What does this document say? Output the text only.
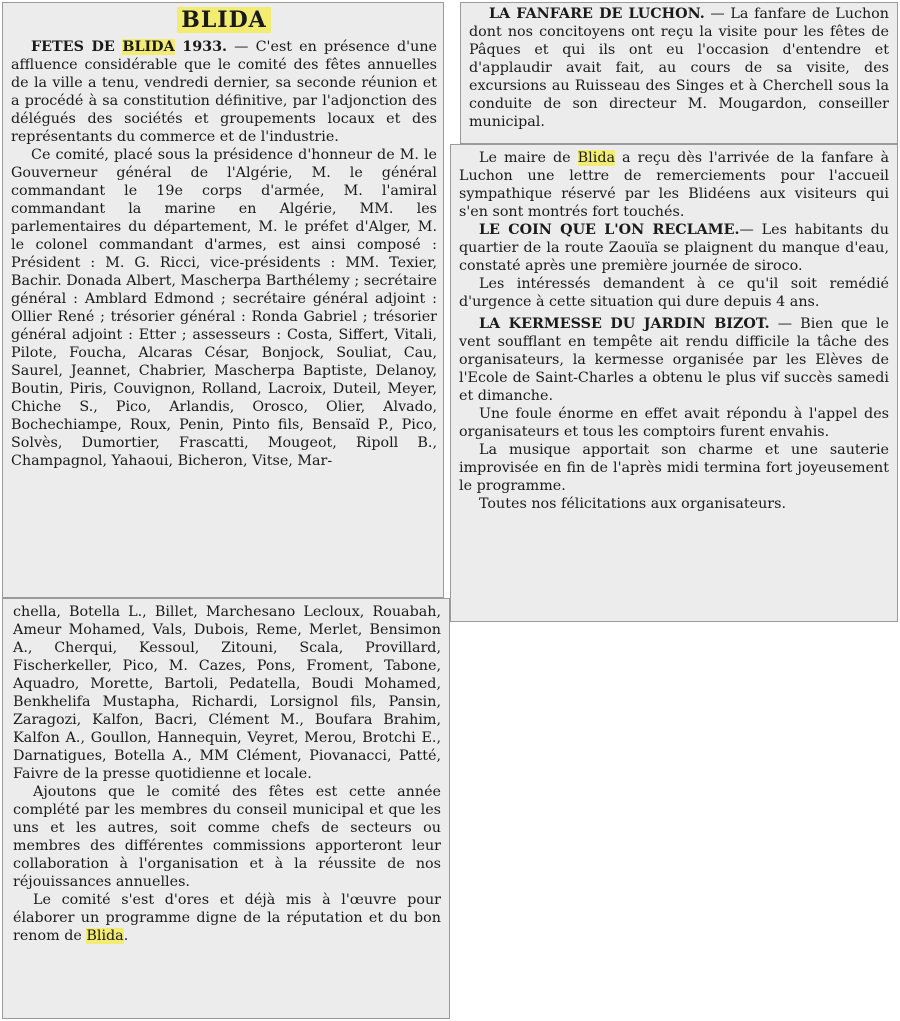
BLIDA

FETES DE BLIDA 1933. — C'est en présence d'une affluence considérable que le comité des fêtes annuelles de la ville a tenu, vendredi dernier, sa seconde réunion et a procédé à sa constitution définitive, par l'adjonction des délégués des sociétés et groupements locaux et des représentants du commerce et de l'industrie.

Ce comité, placé sous la présidence d'honneur de M. le Gouverneur général de l'Algérie, M. le général commandant le 19e corps d'armée, M. l'amiral commandant la marine en Algérie, MM. les parlementaires du département, M. le préfet d'Alger, M. le colonel commandant d'armes, est ainsi composé : Président : M. G. Ricci, vice-présidents : MM. Texier, Bachir. Donada Albert, Mascherpa Barthélemy ; secrétaire général : Amblard Edmond ; secrétaire général adjoint : Ollier René ; trésorier général : Ronda Gabriel ; trésorier général adjoint : Etter ; assesseurs : Costa, Siffert, Vitali, Pilote, Foucha, Alcaras César, Bonjock, Souliat, Cau, Saurel, Jeannet, Chabrier, Mascherpa Baptiste, Delanoy, Boutin, Piris, Couvignon, Rolland, Lacroix, Duteil, Meyer, Chiche S., Pico, Arlandis, Orosco, Olier, Alvado, Bochechiampe, Roux, Penin, Pinto fils, Bensaïd P., Pico, Solvès, Dumortier, Frascatti, Mougeot, Ripoll B., Champagnol, Yahaoui, Bicheron, Vitse, Mar-

chella, Botella L., Billet, Marchesano Lecloux, Rouabah, Ameur Mohamed, Vals, Dubois, Reme, Merlet, Bensimon A., Cherqui, Kessoul, Zitouni, Scala, Provillard, Fischerkeller, Pico, M. Cazes, Pons, Froment, Tabone, Aquadro, Morette, Bartoli, Pedatella, Boudi Mohamed, Benkhelifa Mustapha, Richardi, Lorsignol fils, Pansin, Zaragozi, Kalfon, Bacri, Clément M., Boufara Brahim, Kalfon A., Goullon, Hannequin, Veyret, Merou, Brotchi E., Darnatigues, Botella A., MM Clément, Piovanacci, Patté, Faivre de la presse quotidienne et locale.

Ajoutons que le comité des fêtes est cette année complété par les membres du conseil municipal et que les uns et les autres, soit comme chefs de secteurs ou membres des différentes commissions apporteront leur collaboration à l'organisation et à la réussite de nos réjouissances annuelles.

Le comité s'est d'ores et déjà mis à l'œuvre pour élaborer un programme digne de la réputation et du bon renom de Blida.

LA FANFARE DE LUCHON. — La fanfare de Luchon dont nos concitoyens ont reçu la visite pour les fêtes de Pâques et qui ils ont eu l'occasion d'entendre et d'applaudir avait fait, au cours de sa visite, des excursions au Ruisseau des Singes et à Cherchell sous la conduite de son directeur M. Mougardon, conseiller municipal.

Le maire de Blida a reçu dès l'arrivée de la fanfare à Luchon une lettre de remerciements pour l'accueil sympathique réservé par les Blidéens aux visiteurs qui s'en sont montrés fort touchés.

LE COIN QUE L'ON RECLAME.— Les habitants du quartier de la route Zaouïa se plaignent du manque d'eau, constaté après une première journée de siroco.

Les intéressés demandent à ce qu'il soit remédié d'urgence à cette situation qui dure depuis 4 ans.

LA KERMESSE DU JARDIN BIZOT. — Bien que le vent soufflant en tempête ait rendu difficile la tâche des organisateurs, la kermesse organisée par les Elèves de l'Ecole de Saint-Charles a obtenu le plus vif succès samedi et dimanche.

Une foule énorme en effet avait répondu à l'appel des organisateurs et tous les comptoirs furent envahis.

La musique apportait son charme et une sauterie improvisée en fin de l'après midi termina fort joyeusement le programme.

Toutes nos félicitations aux organisateurs.
